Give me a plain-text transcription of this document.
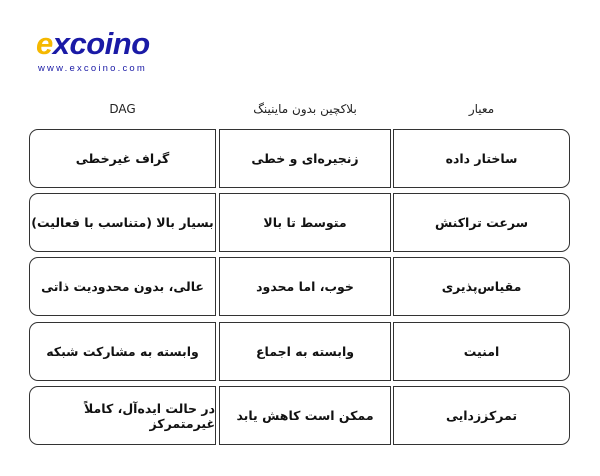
excoino
www.excoino.com
DAG	بلاکچین بدون ماینینگ	معیار
گراف غیرخطی	زنجیره‌ای و خطی	ساختار داده
بسیار بالا (متناسب با فعالیت)	متوسط تا بالا	سرعت تراکنش
عالی، بدون محدودیت ذاتی	خوب، اما محدود	مقیاس‌پذیری
وابسته به مشارکت شبکه	وابسته به اجماع	امنیت
در حالت ایده‌آل، کاملاً غیرمتمرکز	ممکن است کاهش یابد	تمرکززدایی
